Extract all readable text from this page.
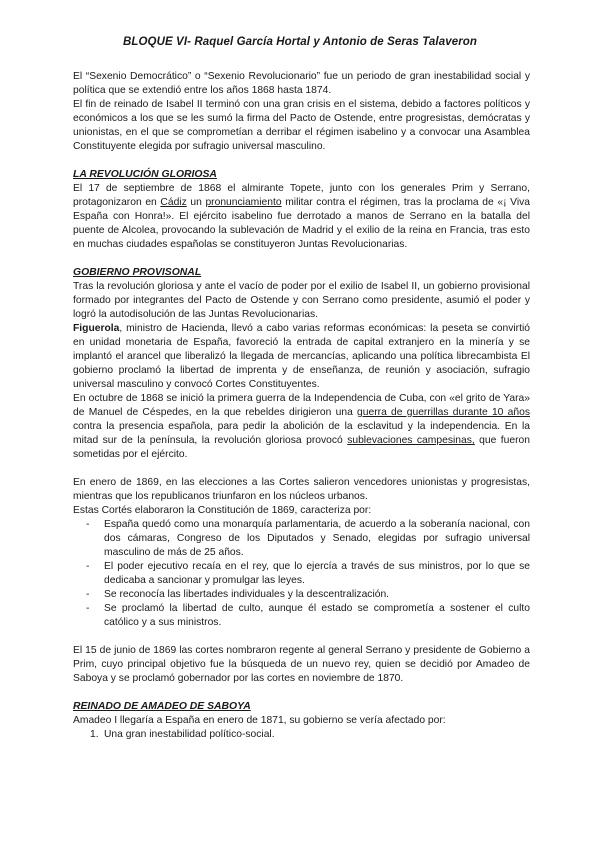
BLOQUE VI- Raquel García Hortal y Antonio de Seras Talaveron

El “Sexenio Democrático” o “Sexenio Revolucionario” fue un periodo de gran inestabilidad social y política que se extendió entre los años 1868 hasta 1874.

El fin de reinado de Isabel II terminó con una gran crisis en el sistema, debido a factores políticos y económicos a los que se les sumó la firma del Pacto de Ostende, entre progresistas, demócratas y unionistas, en el que se comprometían a derribar el régimen isabelino y a convocar una Asamblea Constituyente elegida por sufragio universal masculino.

LA REVOLUCIÓN GLORIOSA

El 17 de septiembre de 1868 el almirante Topete, junto con los generales Prim y Serrano, protagonizaron en Cádiz un pronunciamiento militar contra el régimen, tras la proclama de «¡ Viva España con Honra!». El ejército isabelino fue derrotado a manos de Serrano en la batalla del puente de Alcolea, provocando la sublevación de Madrid y el exilio de la reina en Francia, tras esto en muchas ciudades españolas se constituyeron Juntas Revolucionarias.

GOBIERNO PROVISONAL

Tras la revolución gloriosa y ante el vacío de poder por el exilio de Isabel II, un gobierno provisional formado por integrantes del Pacto de Ostende y con Serrano como presidente, asumió el poder y logró la autodisolución de las Juntas Revolucionarias.

Figuerola, ministro de Hacienda, llevó a cabo varias reformas económicas: la peseta se convirtió en unidad monetaria de España, favoreció la entrada de capital extranjero en la minería y se implantó el arancel que liberalizó la llegada de mercancías, aplicando una política librecambista El gobierno proclamó la libertad de imprenta y de enseñanza, de reunión y asociación, sufragio universal masculino y convocó Cortes Constituyentes.

En octubre de 1868 se inició la primera guerra de la Independencia de Cuba, con «el grito de Yara» de Manuel de Céspedes, en la que rebeldes dirigieron una guerra de guerrillas durante 10 años contra la presencia española, para pedir la abolición de la esclavitud y la independencia. En la mitad sur de la península, la revolución gloriosa provocó sublevaciones campesinas, que fueron sometidas por el ejército.

En enero de 1869, en las elecciones a las Cortes salieron vencedores unionistas y progresistas, mientras que los republicanos triunfaron en los núcleos urbanos.

Estas Cortés elaboraron la Constitución de 1869, caracteriza por:

- España quedó como una monarquía parlamentaria, de acuerdo a la soberanía nacional, con dos cámaras, Congreso de los Diputados y Senado, elegidas por sufragio universal masculino de más de 25 años.
- El poder ejecutivo recaía en el rey, que lo ejercía a través de sus ministros, por lo que se dedicaba a sancionar y promulgar las leyes.
- Se reconocía las libertades individuales y la descentralización.
- Se proclamó la libertad de culto, aunque él estado se comprometía a sostener el culto católico y a sus ministros.

El 15 de junio de 1869 las cortes nombraron regente al general Serrano y presidente de Gobierno a Prim, cuyo principal objetivo fue la búsqueda de un nuevo rey, quien se decidió por Amadeo de Saboya y se proclamó gobernador por las cortes en noviembre de 1870.

REINADO DE AMADEO DE SABOYA

Amadeo I llegaría a España en enero de 1871, su gobierno se vería afectado por:

1. Una gran inestabilidad político-social.
